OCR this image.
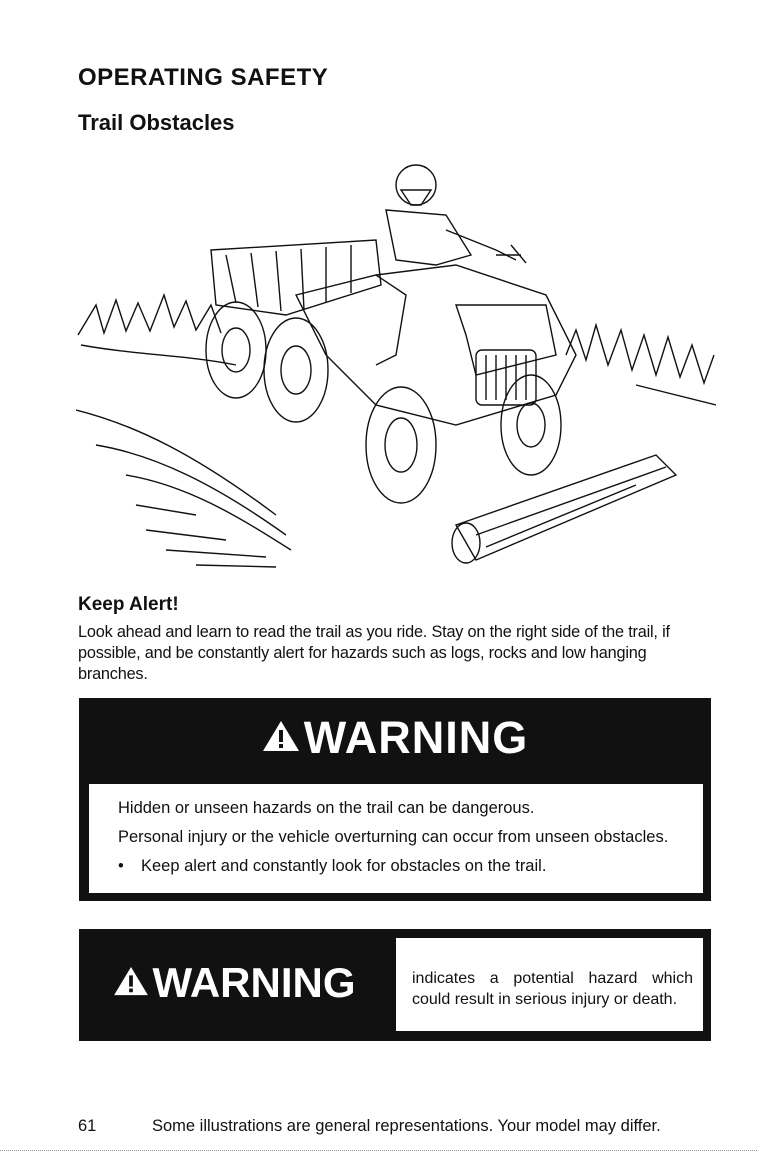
OPERATING SAFETY
Trail Obstacles
Keep Alert!

Look ahead and learn to read the trail as you ride. Stay on the right side of the trail, if possible, and be constantly alert for hazards such as logs, rocks and low hanging branches.

WARNING

Hidden or unseen hazards on the trail can be dangerous.

Personal injury or the vehicle overturning can occur from unseen obstacles.

• Keep alert and constantly look for obstacles on the trail.

WARNING	indicates a potential hazard which could result in serious injury or death.
61	Some illustrations are general representations. Your model may differ.
